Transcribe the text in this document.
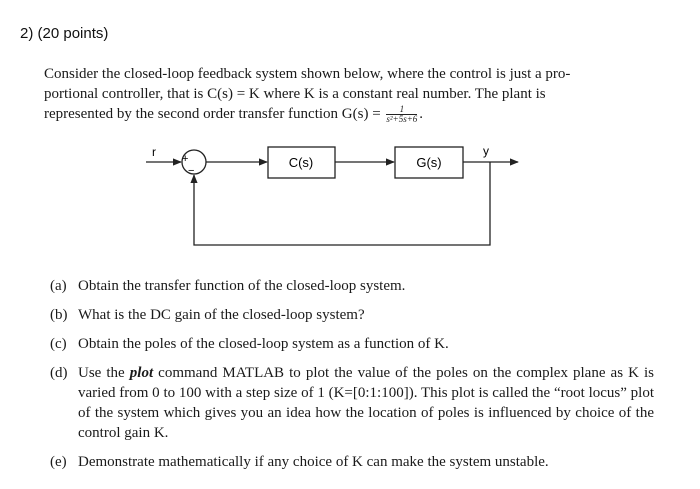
2) (20 points)

Consider the closed-loop feedback system shown below, where the control is just a pro-
portional controller, that is C(s) = K where K is a constant real number. The plant is
represented by the second order transfer function $G(s) = \frac{1}{\text{s²+5s+6}}$ .

r +
−
C(s)	G(s)
y
(a) Obtain the transfer function of the closed-loop system.
(b) What is the DC gain of the closed-loop system?
(c) Obtain the poles of the closed-loop system as a function of K.
(d) Use the plot command MATLAB to plot the value of the poles on the complex plane as K is varied from 0 to 100 with a step size of 1 (K=[0:1:100]). This plot is called the “root locus” plot of the system which gives you an idea how the location of poles is influenced by choice of the control gain K.
(e) Demonstrate mathematically if any choice of K can make the system unstable.
